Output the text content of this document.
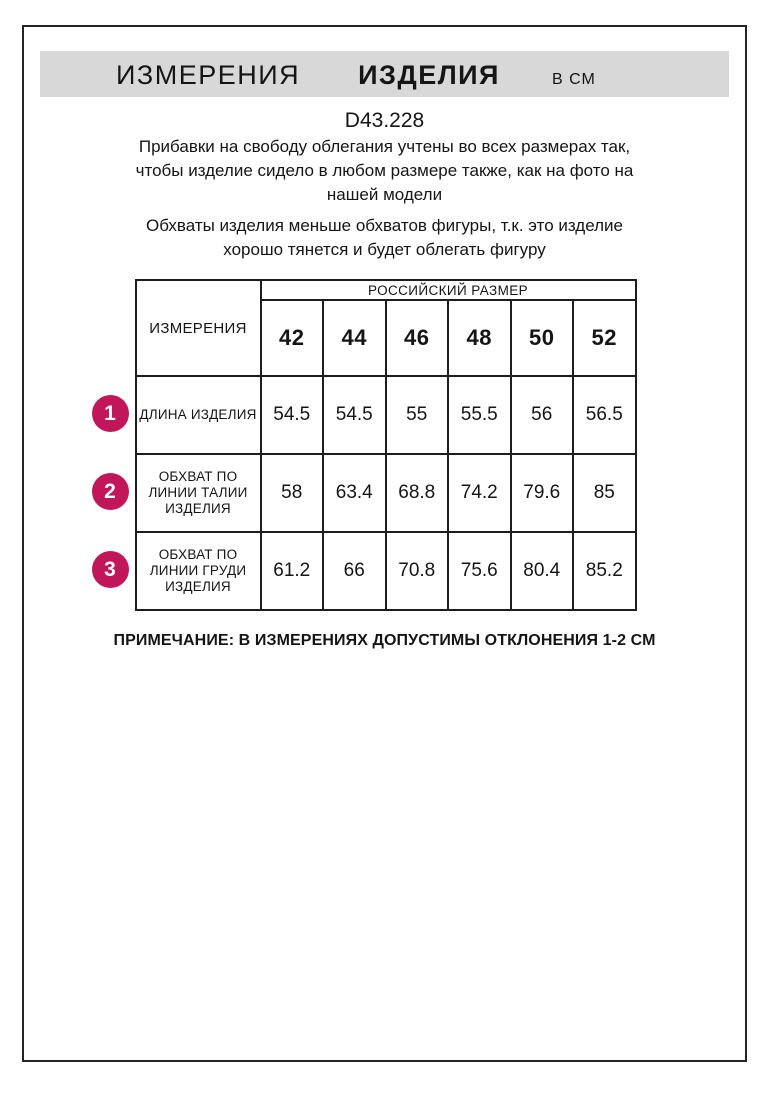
ИЗМЕРЕНИЯ ИЗДЕЛИЯ	В СМ
D43.228

Прибавки на свободу облегания учтены во всех размерах так, чтобы изделие сидело в любом размере также, как на фото на нашей модели

Обхваты изделия меньше обхватов фигуры, т.к. это изделие хорошо тянется и будет облегать фигуру

1
2
3
ИЗМЕРЕНИЯ	РОССИЙСКИЙ РАЗМЕР					
	42	44	46	48	50	52
ДЛИНА ИЗДЕЛИЯ	54.5	54.5	55	55.5	56	56.5
ОБХВАТ ПО ЛИНИИ ТАЛИИ ИЗДЕЛИЯ	58	63.4	68.8	74.2	79.6	85
ОБХВАТ ПО ЛИНИИ ГРУДИ ИЗДЕЛИЯ	61.2	66	70.8	75.6	80.4	85.2
ПРИМЕЧАНИЕ: В ИЗМЕРЕНИЯХ ДОПУСТИМЫ ОТКЛОНЕНИЯ 1-2 СМ
